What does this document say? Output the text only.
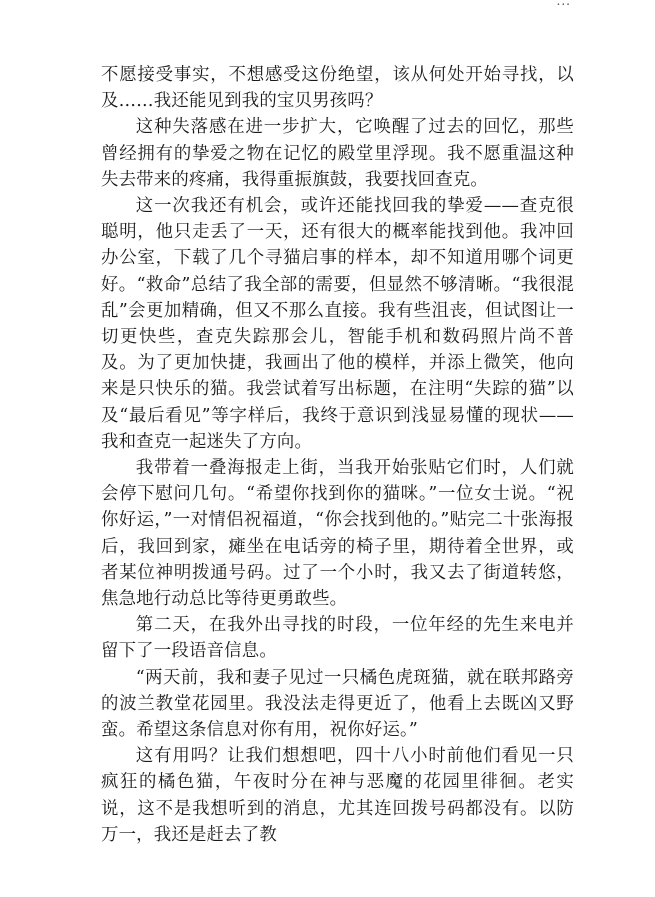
...

不愿接受事实，不想感受这份绝望，该从何处开始寻找，以及……我还能见到我的宝贝男孩吗？

这种失落感在进一步扩大，它唤醒了过去的回忆，那些曾经拥有的挚爱之物在记忆的殿堂里浮现。我不愿重温这种失去带来的疼痛，我得重振旗鼓，我要找回查克。

这一次我还有机会，或许还能找回我的挚爱——查克很聪明，他只走丢了一天，还有很大的概率能找到他。我冲回办公室，下载了几个寻猫启事的样本，却不知道用哪个词更好。“救命”总结了我全部的需要，但显然不够清晰。“我很混乱”会更加精确，但又不那么直接。我有些沮丧，但试图让一切更快些，查克失踪那会儿，智能手机和数码照片尚不普及。为了更加快捷，我画出了他的模样，并添上微笑，他向来是只快乐的猫。我尝试着写出标题，在注明“失踪的猫”以及“最后看见”等字样后，我终于意识到浅显易懂的现状——我和查克一起迷失了方向。

我带着一叠海报走上街，当我开始张贴它们时，人们就会停下慰问几句。“希望你找到你的猫咪。”一位女士说。“祝你好运，”一对情侣祝福道，“你会找到他的。”贴完二十张海报后，我回到家，瘫坐在电话旁的椅子里，期待着全世界，或者某位神明拨通号码。过了一个小时，我又去了街道转悠，焦急地行动总比等待更勇敢些。

第二天，在我外出寻找的时段，一位年经的先生来电并留下了一段语音信息。

“两天前，我和妻子见过一只橘色虎斑猫，就在联邦路旁的波兰教堂花园里。我没法走得更近了，他看上去既凶又野蛮。希望这条信息对你有用，祝你好运。”

这有用吗？让我们想想吧，四十八小时前他们看见一只疯狂的橘色猫，午夜时分在神与恶魔的花园里徘徊。老实说，这不是我想听到的消息，尤其连回拨号码都没有。以防万一，我还是赶去了教
